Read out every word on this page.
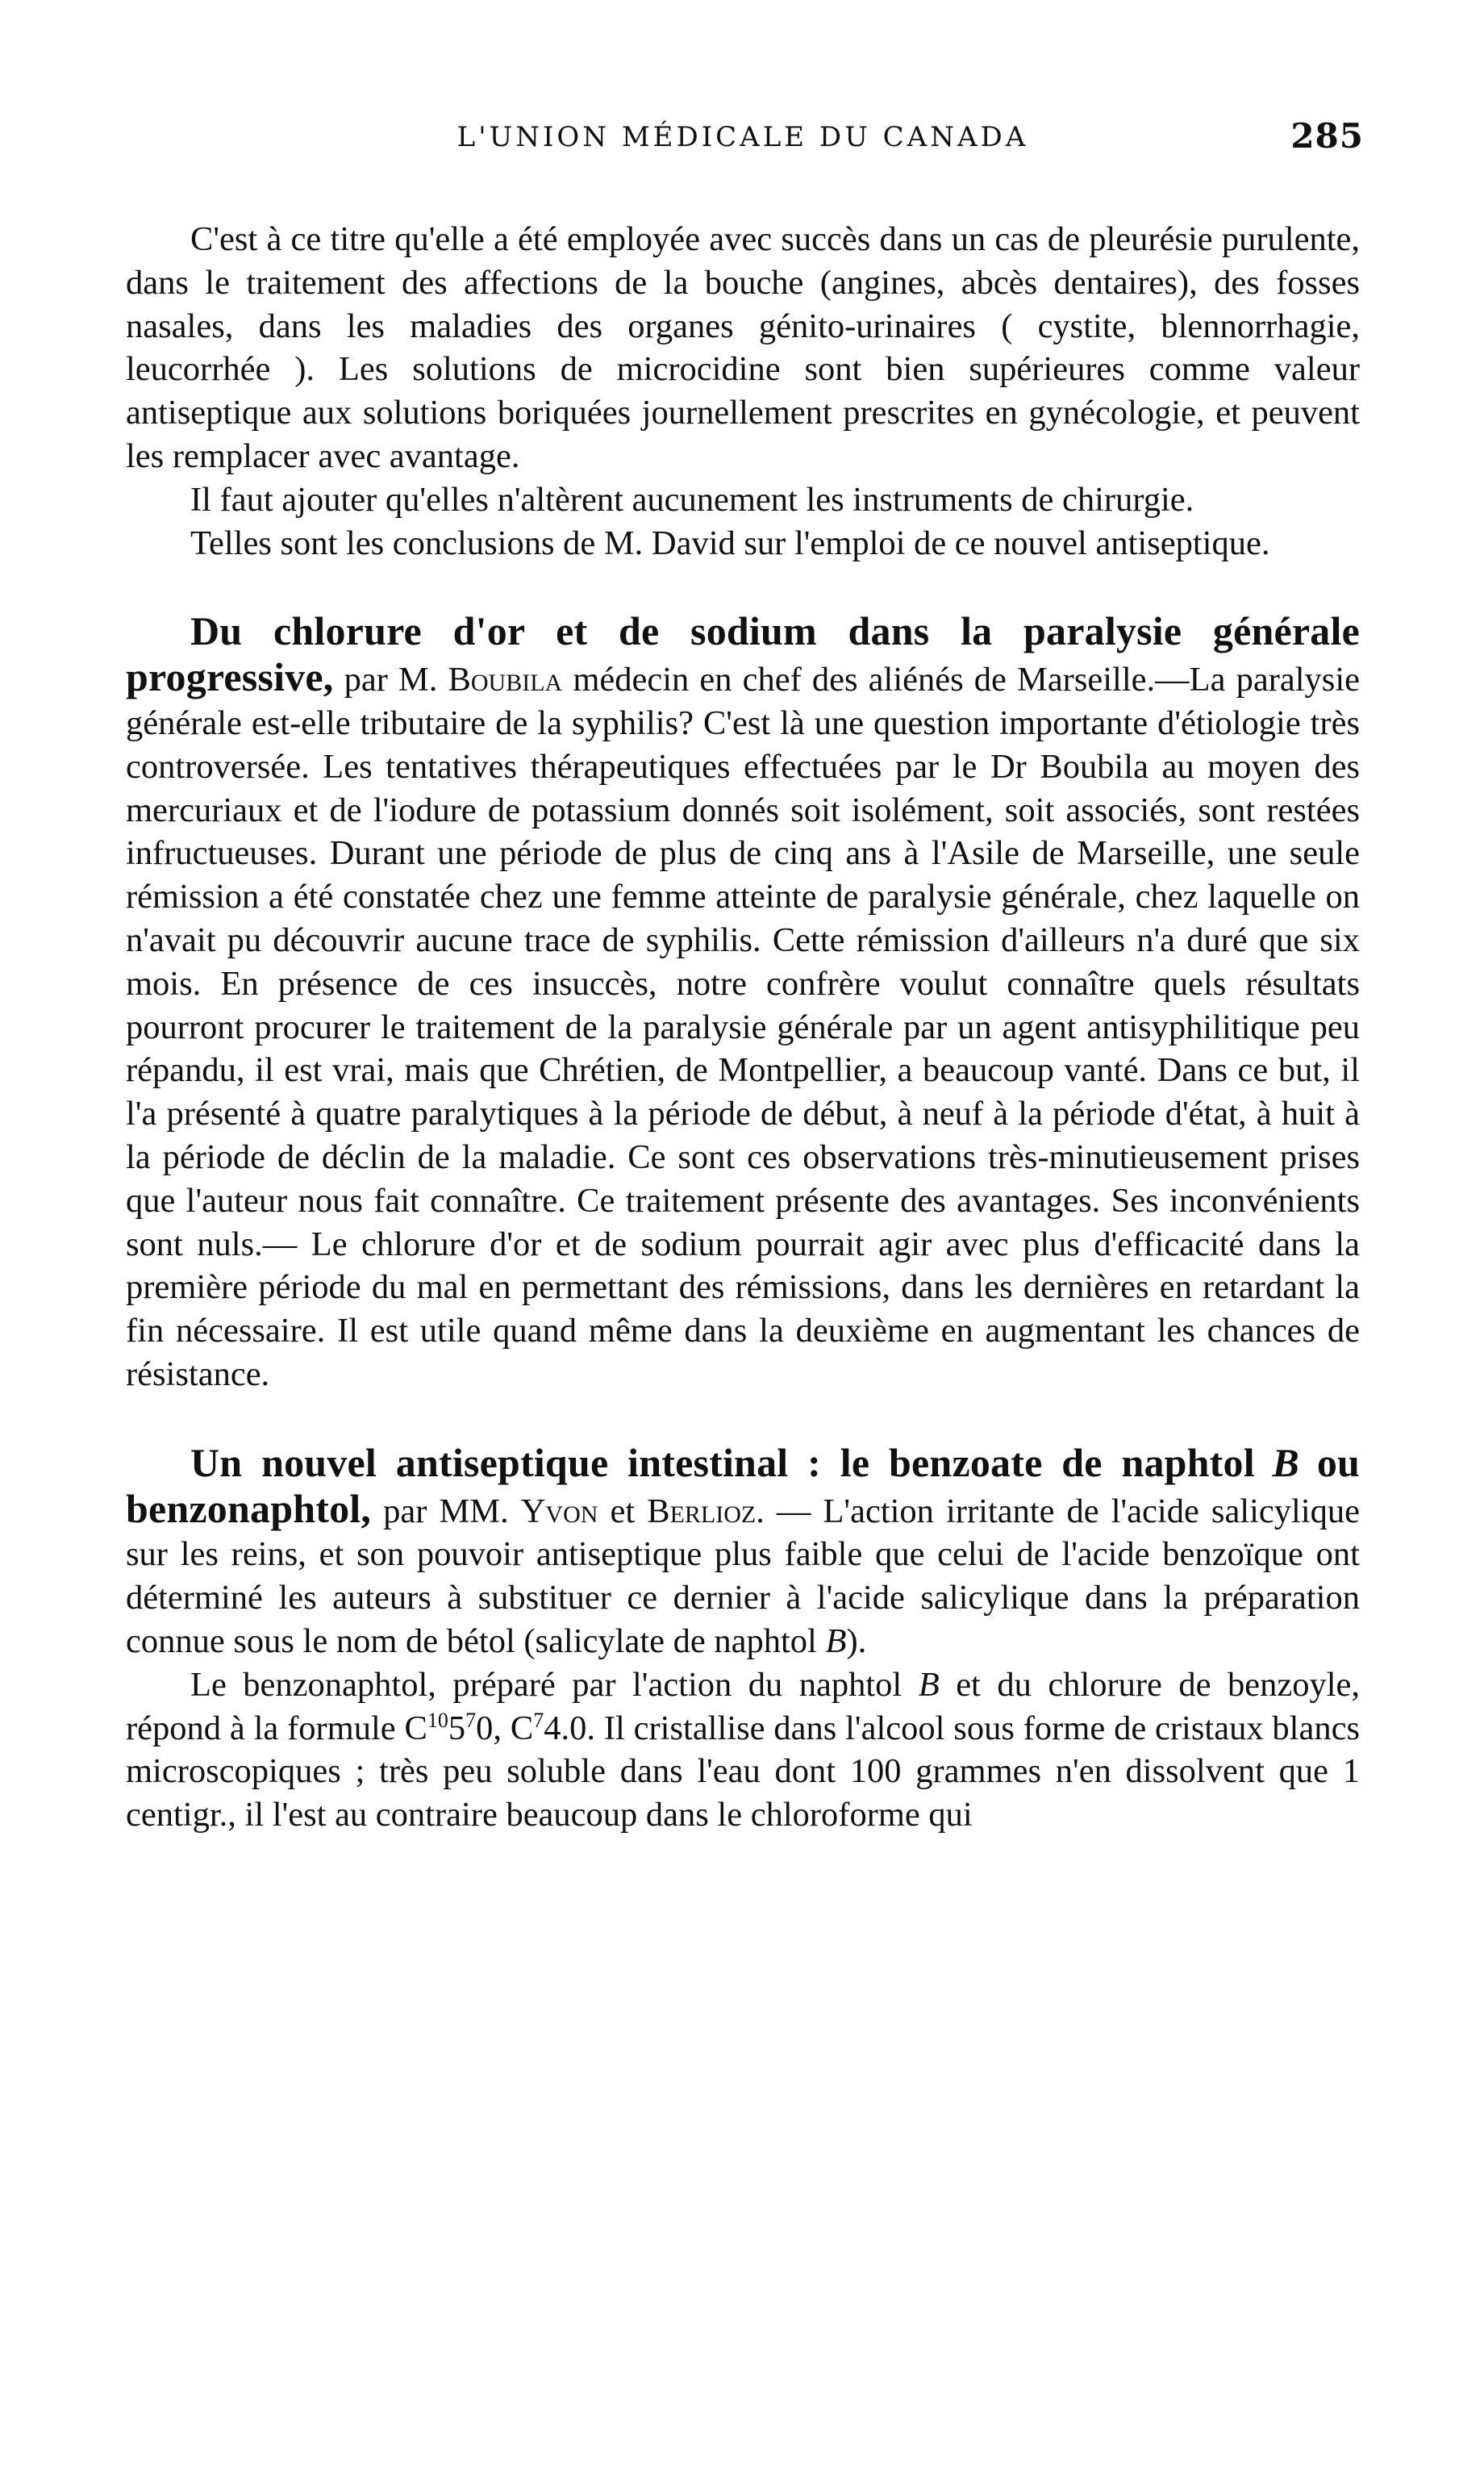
L'UNION MÉDICALE DU CANADA	285

C'est à ce titre qu'elle a été employée avec succès dans un cas de pleurésie purulente, dans le traitement des affections de la bouche (angines, abcès dentaires), des fosses nasales, dans les maladies des organes génito-urinaires ( cystite, blennorrhagie, leucorrhée ). Les solutions de microcidine sont bien supérieures comme valeur antiseptique aux solutions boriquées journellement prescrites en gynécologie, et peuvent les remplacer avec avantage.

Il faut ajouter qu'elles n'altèrent aucunement les instruments de chirurgie.

Telles sont les conclusions de M. David sur l'emploi de ce nouvel antiseptique.

Du chlorure d'or et de sodium dans la paralysie générale progressive, par M. Boubila médecin en chef des aliénés de Marseille.—La paralysie générale est-elle tributaire de la syphilis? C'est là une question importante d'étiologie très controversée. Les tentatives thérapeutiques effectuées par le Dr Boubila au moyen des mercuriaux et de l'iodure de potassium donnés soit isolément, soit associés, sont restées infructueuses. Durant une période de plus de cinq ans à l'Asile de Marseille, une seule rémission a été constatée chez une femme atteinte de paralysie générale, chez laquelle on n'avait pu découvrir aucune trace de syphilis. Cette rémission d'ailleurs n'a duré que six mois. En présence de ces insuccès, notre confrère voulut connaître quels résultats pourront procurer le traitement de la paralysie générale par un agent antisyphilitique peu répandu, il est vrai, mais que Chrétien, de Montpellier, a beaucoup vanté. Dans ce but, il l'a présenté à quatre paralytiques à la période de début, à neuf à la période d'état, à huit à la période de déclin de la maladie. Ce sont ces observations très-minutieusement prises que l'auteur nous fait connaître. Ce traitement présente des avantages. Ses inconvénients sont nuls.— Le chlorure d'or et de sodium pourrait agir avec plus d'efficacité dans la première période du mal en permettant des rémissions, dans les dernières en retardant la fin nécessaire. Il est utile quand même dans la deuxième en augmentant les chances de résistance.

Un nouvel antiseptique intestinal : le benzoate de naphtol B ou benzonaphtol, par MM. Yvon et Berlioz. — L'action irritante de l'acide salicylique sur les reins, et son pouvoir antiseptique plus faible que celui de l'acide benzoïque ont déterminé les auteurs à substituer ce dernier à l'acide salicylique dans la préparation connue sous le nom de bétol (salicylate de naphtol B).

Le benzonaphtol, préparé par l'action du naphtol B et du chlorure de benzoyle, répond à la formule $C^{10}5^70$, $C^74.0$. Il cristallise dans l'alcool sous forme de cristaux blancs microscopiques ; très peu soluble dans l'eau dont 100 grammes n'en dissolvent que 1 centigr., il l'est au contraire beaucoup dans le chloroforme qui
